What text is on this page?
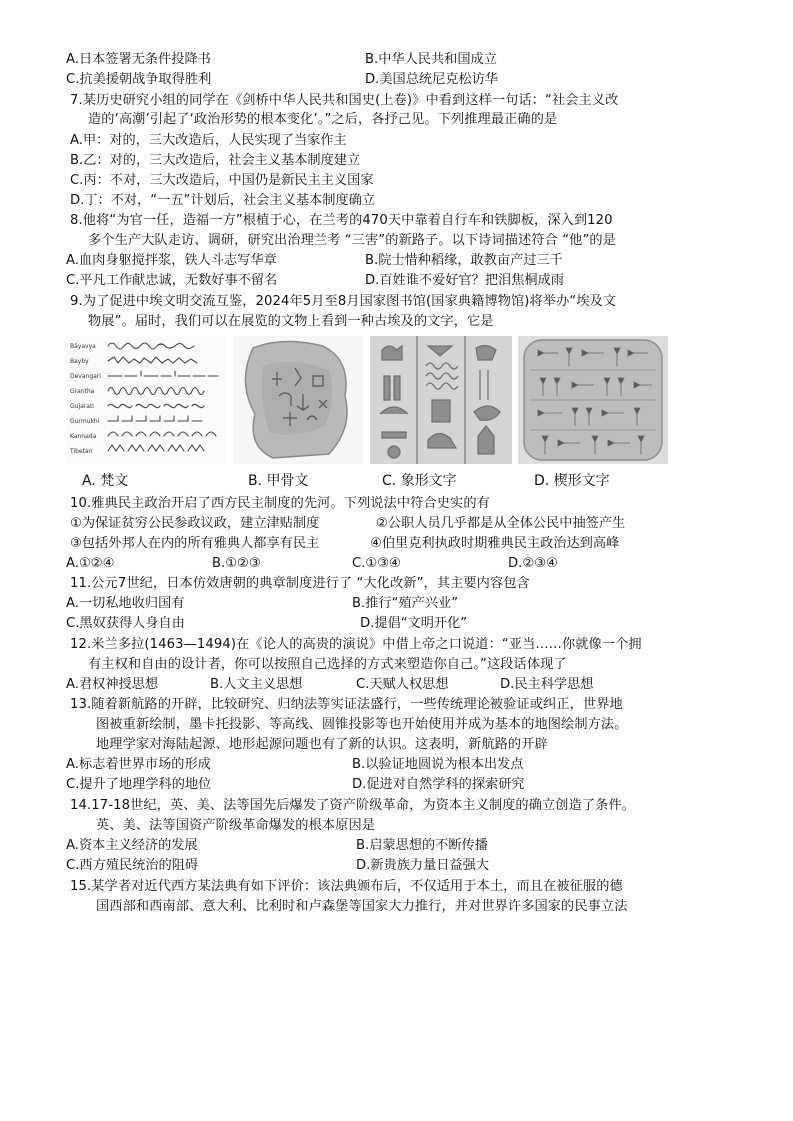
A.日本签署无条件投降书	B.中华人民共和国成立
C.抗美援朝战争取得胜利	D.美国总统尼克松访华
7.某历史研究小组的同学在《剑桥中华人民共和国史(上卷)》中看到这样一句话：“社会主义改
造的‘高潮’引起了‘政治形势的根本变化’。”之后，各抒己见。下列推理最正确的是
A.甲：对的，三大改造后，人民实现了当家作主
B.乙：对的，三大改造后，社会主义基本制度建立
C.丙：不对，三大改造后，中国仍是新民主主义国家
D.丁：不对，“一五”计划后，社会主义基本制度确立
8.他将“为官一任，造福一方”根植于心，在兰考的470天中靠着自行车和铁脚板，深入到120
多个生产大队走访、调研，研究出治理兰考 “三害”的新路子。以下诗词描述符合 “他”的是
A.血肉身躯搅拌浆，铁人斗志写华章	B.院士惜种稻缘，敢教亩产过三千
C.平凡工作献忠诚，无数好事不留名	D.百姓谁不爱好官？把泪焦桐成雨
9.为了促进中埃文明交流互鉴，2024年5月至8月国家图书馆(国家典籍博物馆)将举办“埃及文
物展”。届时，我们可以在展览的文物上看到一种古埃及的文字，它是
Bāyavya
Bayby
Devangari
Grantha
Gujarati
Gurmukhi
Kannada
Tibetan
A. 梵文	B. 甲骨文	C. 象形文字	D. 楔形文字
10.雅典民主政治开启了西方民主制度的先河。下列说法中符合史实的有
①为保证贫穷公民参政议政，建立津贴制度	②公职人员几乎都是从全体公民中抽签产生
③包括外邦人在内的所有雅典人都享有民主	④伯里克利执政时期雅典民主政治达到高峰
A.①②④	B.①②③	C.①③④	D.②③④
11.公元7世纪，日本仿效唐朝的典章制度进行了 “大化改新”，其主要内容包含
A.一切私地收归国有	B.推行“殖产兴业”
C.黑奴获得人身自由	D.提倡“文明开化”
12.米兰多拉(1463—1494)在《论人的高贵的演说》中借上帝之口说道：“亚当……你就像一个拥
有主权和自由的设计者，你可以按照自己选择的方式来塑造你自己。”这段话体现了
A.君权神授思想	B.人文主义思想	C.天赋人权思想	D.民主科学思想
13.随着新航路的开辟，比较研究、归纳法等实证法盛行，一些传统理论被验证或纠正，世界地
图被重新绘制，墨卡托投影、等高线、圆锥投影等也开始使用并成为基本的地图绘制方法。
地理学家对海陆起源、地形起源问题也有了新的认识。这表明，新航路的开辟
A.标志着世界市场的形成	B.以验证地圆说为根本出发点
C.提升了地理学科的地位	D.促进对自然学科的探索研究
14.17-18世纪，英、美、法等国先后爆发了资产阶级革命，为资本主义制度的确立创造了条件。
英、美、法等国资产阶级革命爆发的根本原因是
A.资本主义经济的发展	B.启蒙思想的不断传播
C.西方殖民统治的阻碍	D.新贵族力量日益强大
15.某学者对近代西方某法典有如下评价：该法典颁布后，不仅适用于本土，而且在被征服的德
国西部和西南部、意大利、比利时和卢森堡等国家大力推行，并对世界许多国家的民事立法
